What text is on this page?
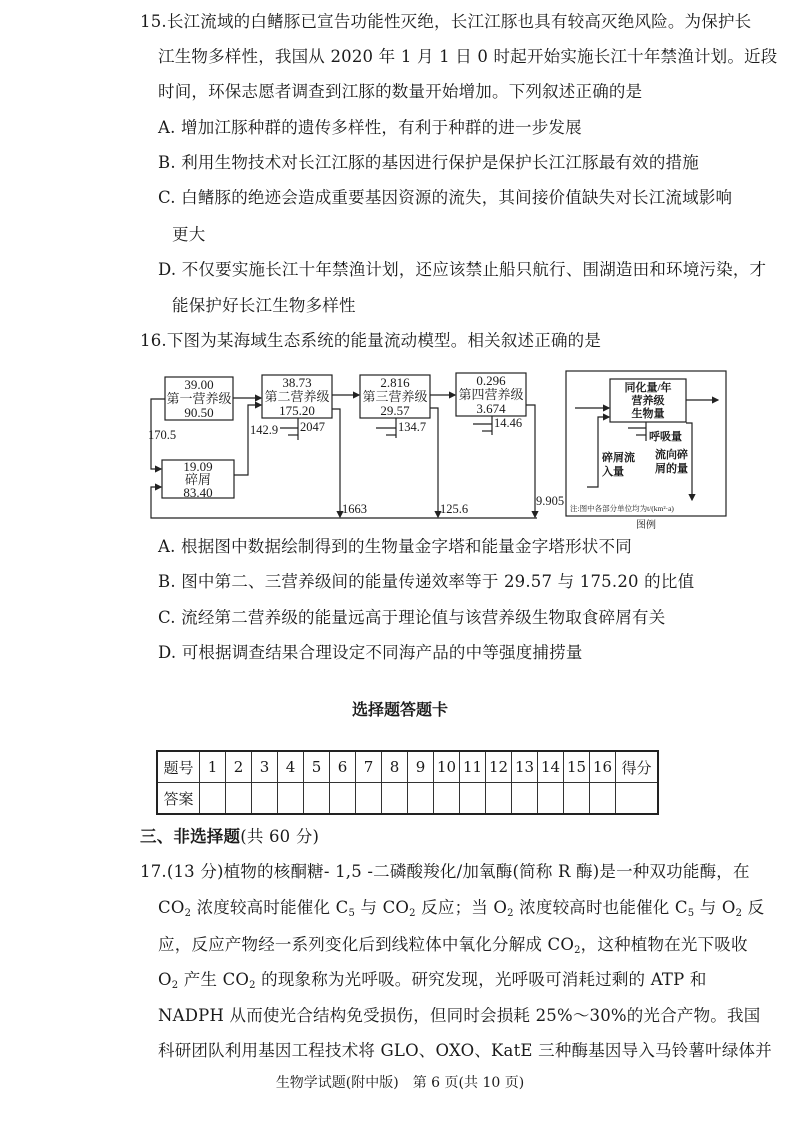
15.长江流域的白鳍豚已宣告功能性灭绝，长江江豚也具有较高灭绝风险。为保护长
江生物多样性，我国从 2020 年 1 月 1 日 0 时起开始实施长江十年禁渔计划。近段
时间，环保志愿者调查到江豚的数量开始增加。下列叙述正确的是
A. 增加江豚种群的遗传多样性，有利于种群的进一步发展
B. 利用生物技术对长江江豚的基因进行保护是保护长江江豚最有效的措施
C. 白鳍豚的绝迹会造成重要基因资源的流失，其间接价值缺失对长江流域影响
更大
D. 不仅要实施长江十年禁渔计划，还应该禁止船只航行、围湖造田和环境污染，才
能保护好长江生物多样性
16.下图为某海域生态系统的能量流动模型。相关叙述正确的是
39.00
第一营养级
90.50
38.73
第二营养级
175.20
2.816
第三营养级
29.57
0.296
第四营养级
3.674
19.09
碎屑
83.40
170.5	142.9 2047	134.7	14.46
1663	125.6
9.905
同化量/年
营养级
生物量
呼吸量
碎屑流
入量
流向碎
屑的量
注:图中各部分单位均为t/(km²·a)
图例
A. 根据图中数据绘制得到的生物量金字塔和能量金字塔形状不同
B. 图中第二、三营养级间的能量传递效率等于 29.57 与 175.20 的比值
C. 流经第二营养级的能量远高于理论值与该营养级生物取食碎屑有关
D. 可根据调查结果合理设定不同海产品的中等强度捕捞量
选择题答题卡
题号	1	2	3	4	5	6	7	8	9	10	11	12	13	14	15	16	得分
答案																	
三、非选择题(共 60 分)
17.(13 分)植物的核酮糖- 1,5 -二磷酸羧化/加氧酶(简称 R 酶)是一种双功能酶，在
$CO_2$ 浓度较高时能催化 $C_5$ 与 $CO_2$ 反应；当 $O_2$ 浓度较高时也能催化 $C_5$ 与 $O_2$ 反
应，反应产物经一系列变化后到线粒体中氧化分解成 $CO_2$，这种植物在光下吸收
$O_2$ 产生 $CO_2$ 的现象称为光呼吸。研究发现，光呼吸可消耗过剩的 ATP 和
NADPH 从而使光合结构免受损伤，但同时会损耗 25%～30%的光合产物。我国
科研团队利用基因工程技术将 GLO、OXO、KatE 三种酶基因导入马铃薯叶绿体并
生物学试题(附中版)　第 6 页(共 10 页)
